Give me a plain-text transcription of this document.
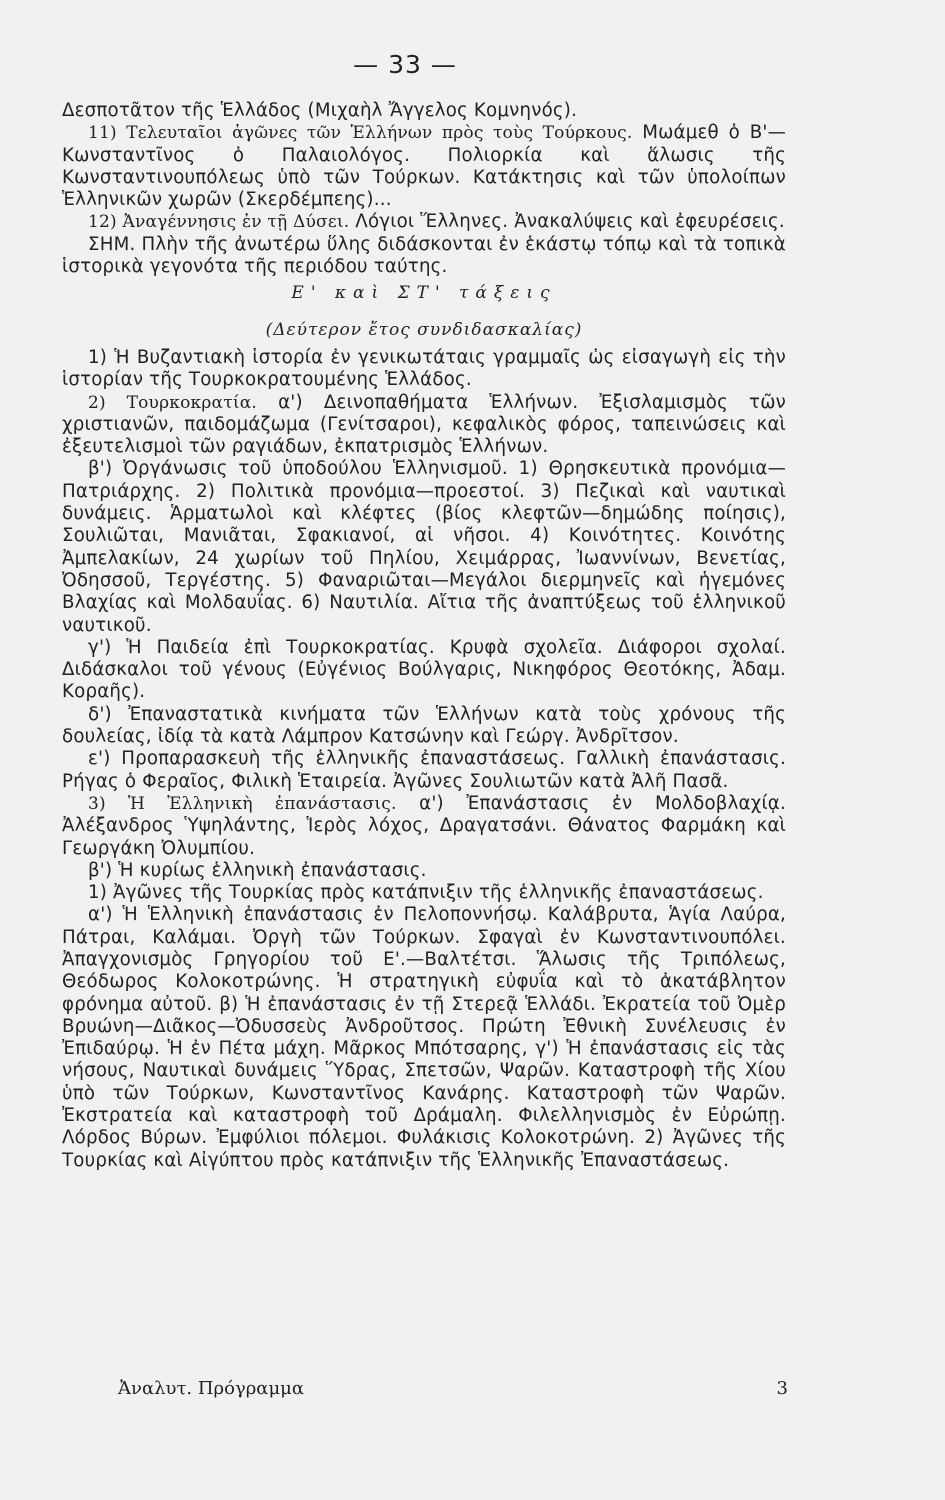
— 33 —

Δεσποτᾶτον τῆς Ἑλλάδος (Μιχαὴλ Ἄγγελος Κομνηνός).

11) Τελευταῖοι ἀγῶνες τῶν Ἑλλήνων πρὸς τοὺς Τούρκους. Μωάμεθ ὁ Β'—Κωνσταντῖνος ὁ Παλαιολόγος. Πολιορκία καὶ ἅλωσις τῆς Κωνσταντινουπόλεως ὑπὸ τῶν Τούρκων. Κατάκτησις καὶ τῶν ὑπολοίπων Ἑλληνικῶν χωρῶν (Σκερδέμπεης)...

12) Ἀναγέννησις ἐν τῇ Δύσει. Λόγιοι Ἕλληνες. Ἀνακαλύψεις καὶ ἐφευρέσεις.

ΣΗΜ. Πλὴν τῆς ἀνωτέρω ὕλης διδάσκονται ἐν ἑκάστῳ τόπῳ καὶ τὰ τοπικὰ ἱστορικὰ γεγονότα τῆς περιόδου ταύτης.

Ε' καὶ ΣΤ' τάξεις

(Δεύτερον ἔτος συνδιδασκαλίας)

1) Ἡ Βυζαντιακὴ ἱστορία ἐν γενικωτάταις γραμμαῖς ὡς εἰσαγωγὴ εἰς τὴν ἱστορίαν τῆς Τουρκοκρατουμένης Ἑλλάδος.

2) Τουρκοκρατία. α') Δεινοπαθήματα Ἑλλήνων. Ἐξισλαμισμὸς τῶν χριστιανῶν, παιδομάζωμα (Γενίτσαροι), κεφαλικὸς φόρος, ταπεινώσεις καὶ ἐξευτελισμοὶ τῶν ραγιάδων, ἐκπατρισμὸς Ἑλλήνων.

β') Ὀργάνωσις τοῦ ὑποδούλου Ἑλληνισμοῦ. 1) Θρησκευτικὰ προνόμια—Πατριάρχης. 2) Πολιτικὰ προνόμια—προεστοί. 3) Πεζικαὶ καὶ ναυτικαὶ δυνάμεις. Ἁρματωλοὶ καὶ κλέφτες (βίος κλεφτῶν—δημώδης ποίησις), Σουλιῶται, Μανιᾶται, Σφακιανοί, αἱ νῆσοι. 4) Κοινότητες. Κοινότης Ἀμπελακίων, 24 χωρίων τοῦ Πηλίου, Χειμάρρας, Ἰωαννίνων, Βενετίας, Ὀδησσοῦ, Τεργέστης. 5) Φαναριῶται—Μεγάλοι διερμηνεῖς καὶ ἡγεμόνες Βλαχίας καὶ Μολδαυΐας. 6) Ναυτιλία. Αἴτια τῆς ἀναπτύξεως τοῦ ἑλληνικοῦ ναυτικοῦ.

γ') Ἡ Παιδεία ἐπὶ Τουρκοκρατίας. Κρυφὰ σχολεῖα. Διάφοροι σχολαί. Διδάσκαλοι τοῦ γένους (Εὐγένιος Βούλγαρις, Νικηφόρος Θεοτόκης, Ἀδαμ. Κοραῆς).

δ') Ἐπαναστατικὰ κινήματα τῶν Ἑλλήνων κατὰ τοὺς χρόνους τῆς δουλείας, ἰδίᾳ τὰ κατὰ Λάμπρον Κατσώνην καὶ Γεώργ. Ἀνδρῖτσον.

ε') Προπαρασκευὴ τῆς ἑλληνικῆς ἐπαναστάσεως. Γαλλικὴ ἐπανάστασις. Ρήγας ὁ Φεραῖος, Φιλικὴ Ἑταιρεία. Ἀγῶνες Σουλιωτῶν κατὰ Ἀλῆ Πασᾶ.

3) Ἡ Ἑλληνικὴ ἐπανάστασις. α') Ἐπανάστασις ἐν Μολδοβλαχίᾳ. Ἀλέξανδρος Ὑψηλάντης, Ἱερὸς λόχος, Δραγατσάνι. Θάνατος Φαρμάκη καὶ Γεωργάκη Ὀλυμπίου.

β') Ἡ κυρίως ἑλληνικὴ ἐπανάστασις.

1) Ἀγῶνες τῆς Τουρκίας πρὸς κατάπνιξιν τῆς ἑλληνικῆς ἐπαναστάσεως.

α') Ἡ Ἑλληνικὴ ἐπανάστασις ἐν Πελοποννήσῳ. Καλάβρυτα, Ἁγία Λαύρα, Πάτραι, Καλάμαι. Ὀργὴ τῶν Τούρκων. Σφαγαὶ ἐν Κωνσταντινουπόλει. Ἀπαγχονισμὸς Γρηγορίου τοῦ Ε'.—Βαλτέτσι. Ἅλωσις τῆς Τριπόλεως, Θεόδωρος Κολοκοτρώνης. Ἡ στρατηγικὴ εὐφυΐα καὶ τὸ ἀκατάβλητον φρόνημα αὐτοῦ. β) Ἡ ἐπανάστασις ἐν τῇ Στερεᾷ Ἑλλάδι. Ἐκρατεία τοῦ Ὀμὲρ Βρυώνη—Διᾶκος—Ὀδυσσεὺς Ἀνδροῦτσος. Πρώτη Ἐθνικὴ Συνέλευσις ἐν Ἐπιδαύρῳ. Ἡ ἐν Πέτα μάχη. Μᾶρκος Μπότσαρης, γ') Ἡ ἐπανάστασις εἰς τὰς νήσους, Ναυτικαὶ δυνάμεις Ὕδρας, Σπετσῶν, Ψαρῶν. Καταστροφὴ τῆς Χίου ὑπὸ τῶν Τούρκων, Κωνσταντῖνος Κανάρης. Καταστροφὴ τῶν Ψαρῶν. Ἐκστρατεία καὶ καταστροφὴ τοῦ Δράμαλη. Φιλελληνισμὸς ἐν Εὐρώπῃ. Λόρδος Βύρων. Ἐμφύλιοι πόλεμοι. Φυλάκισις Κολοκοτρώνη. 2) Ἀγῶνες τῆς Τουρκίας καὶ Αἰγύπτου πρὸς κατάπνιξιν τῆς Ἑλληνικῆς Ἐπαναστάσεως.

Ἀναλυτ. Πρόγραμμα	3
